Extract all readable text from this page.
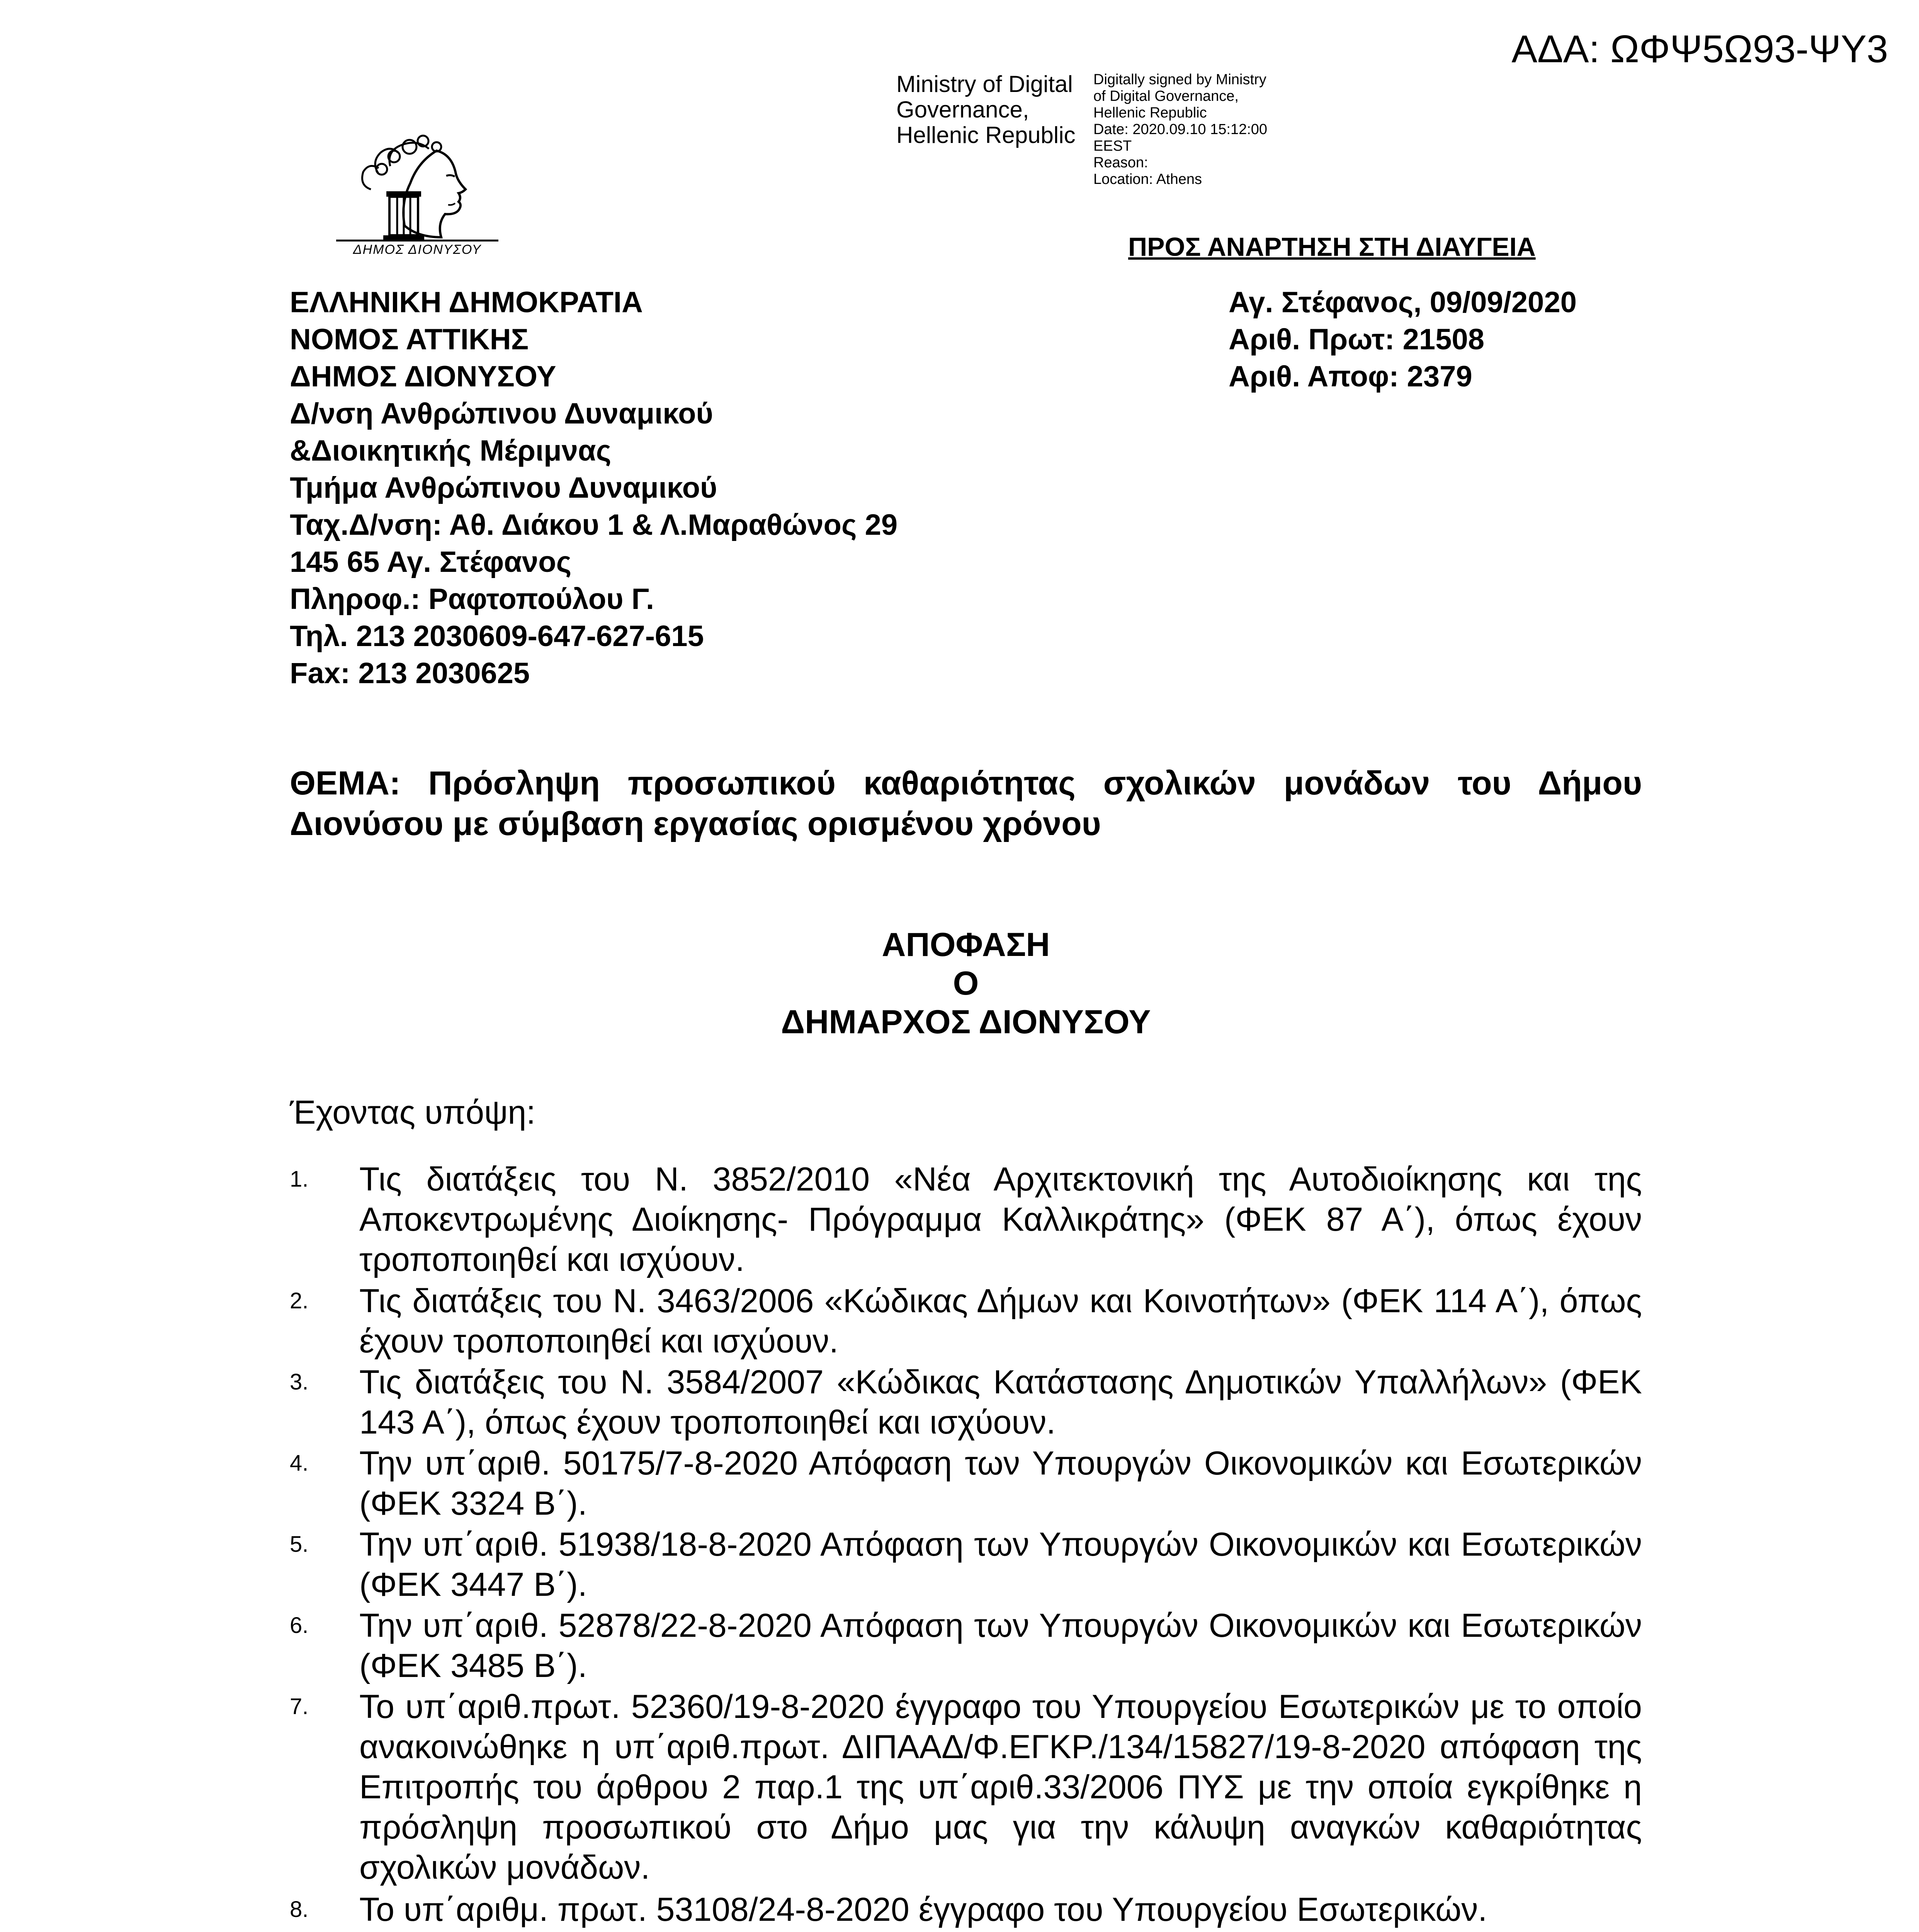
ΑΔΑ: ΩΦΨ5Ω93-ΨΥ3
Ministry of Digital
Governance,
Hellenic Republic
Digitally signed by Ministry
of Digital Governance,
Hellenic Republic
Date: 2020.09.10 15:12:00
EEST
Reason:
Location: Athens
ΔΗΜΟΣ ΔΙΟΝΥΣΟΥ	ΠΡΟΣ ΑΝΑΡΤΗΣΗ ΣΤΗ ΔΙΑΥΓΕΙΑ
ΕΛΛΗΝΙΚΗ ΔΗΜΟΚΡΑΤΙΑ
ΝΟΜΟΣ ΑΤΤΙΚΗΣ
ΔΗΜΟΣ ΔΙΟΝΥΣΟΥ
Δ/νση Ανθρώπινου Δυναμικού
&Διοικητικής Μέριμνας
Τμήμα Ανθρώπινου Δυναμικού
Ταχ.Δ/νση: Αθ. Διάκου 1 & Λ.Μαραθώνος 29
145 65 Αγ. Στέφανος
Πληροφ.: Ραφτοπούλου Γ.
Τηλ. 213 2030609-647-627-615
Fax: 213 2030625
Αγ. Στέφανος, 09/09/2020
Αριθ. Πρωτ: 21508
Αριθ. Αποφ: 2379
ΘΕΜΑ: Πρόσληψη προσωπικού καθαριότητας σχολικών μονάδων του Δήμου Διονύσου με σύμβαση εργασίας ορισμένου χρόνου
ΑΠΟΦΑΣΗ
Ο
ΔΗΜΑΡΧΟΣ ΔΙΟΝΥΣΟΥ
Έχοντας υπόψη:
1. Τις διατάξεις του Ν. 3852/2010 «Νέα Αρχιτεκτονική της Αυτοδιοίκησης και της Αποκεντρωμένης Διοίκησης- Πρόγραμμα Καλλικράτης» (ΦΕΚ 87 Α΄), όπως έχουν τροποποιηθεί και ισχύουν.
2. Τις διατάξεις του Ν. 3463/2006 «Κώδικας Δήμων και Κοινοτήτων» (ΦΕΚ 114 Α΄), όπως έχουν τροποποιηθεί και ισχύουν.
3. Τις διατάξεις του Ν. 3584/2007 «Κώδικας Κατάστασης Δημοτικών Υπαλλήλων» (ΦΕΚ 143 Α΄), όπως έχουν τροποποιηθεί και ισχύουν.
4. Την υπ΄αριθ. 50175/7-8-2020 Απόφαση των Υπουργών Οικονομικών και Εσωτερικών (ΦΕΚ 3324 Β΄).
5. Την υπ΄αριθ. 51938/18-8-2020 Απόφαση των Υπουργών Οικονομικών και Εσωτερικών (ΦΕΚ 3447 Β΄).
6. Την υπ΄αριθ. 52878/22-8-2020 Απόφαση των Υπουργών Οικονομικών και Εσωτερικών (ΦΕΚ 3485 Β΄).
7. Το υπ΄αριθ.πρωτ. 52360/19-8-2020 έγγραφο του Υπουργείου Εσωτερικών με το οποίο ανακοινώθηκε η υπ΄αριθ.πρωτ. ΔΙΠΑΑΔ/Φ.ΕΓΚΡ./134/15827/19-8-2020 απόφαση της Επιτροπής του άρθρου 2 παρ.1 της υπ΄αριθ.33/2006 ΠΥΣ με την οποία εγκρίθηκε η πρόσληψη προσωπικού στο Δήμο μας για την κάλυψη αναγκών καθαριότητας σχολικών μονάδων.
8. Το υπ΄αριθμ. πρωτ. 53108/24-8-2020 έγγραφο του Υπουργείου Εσωτερικών.
